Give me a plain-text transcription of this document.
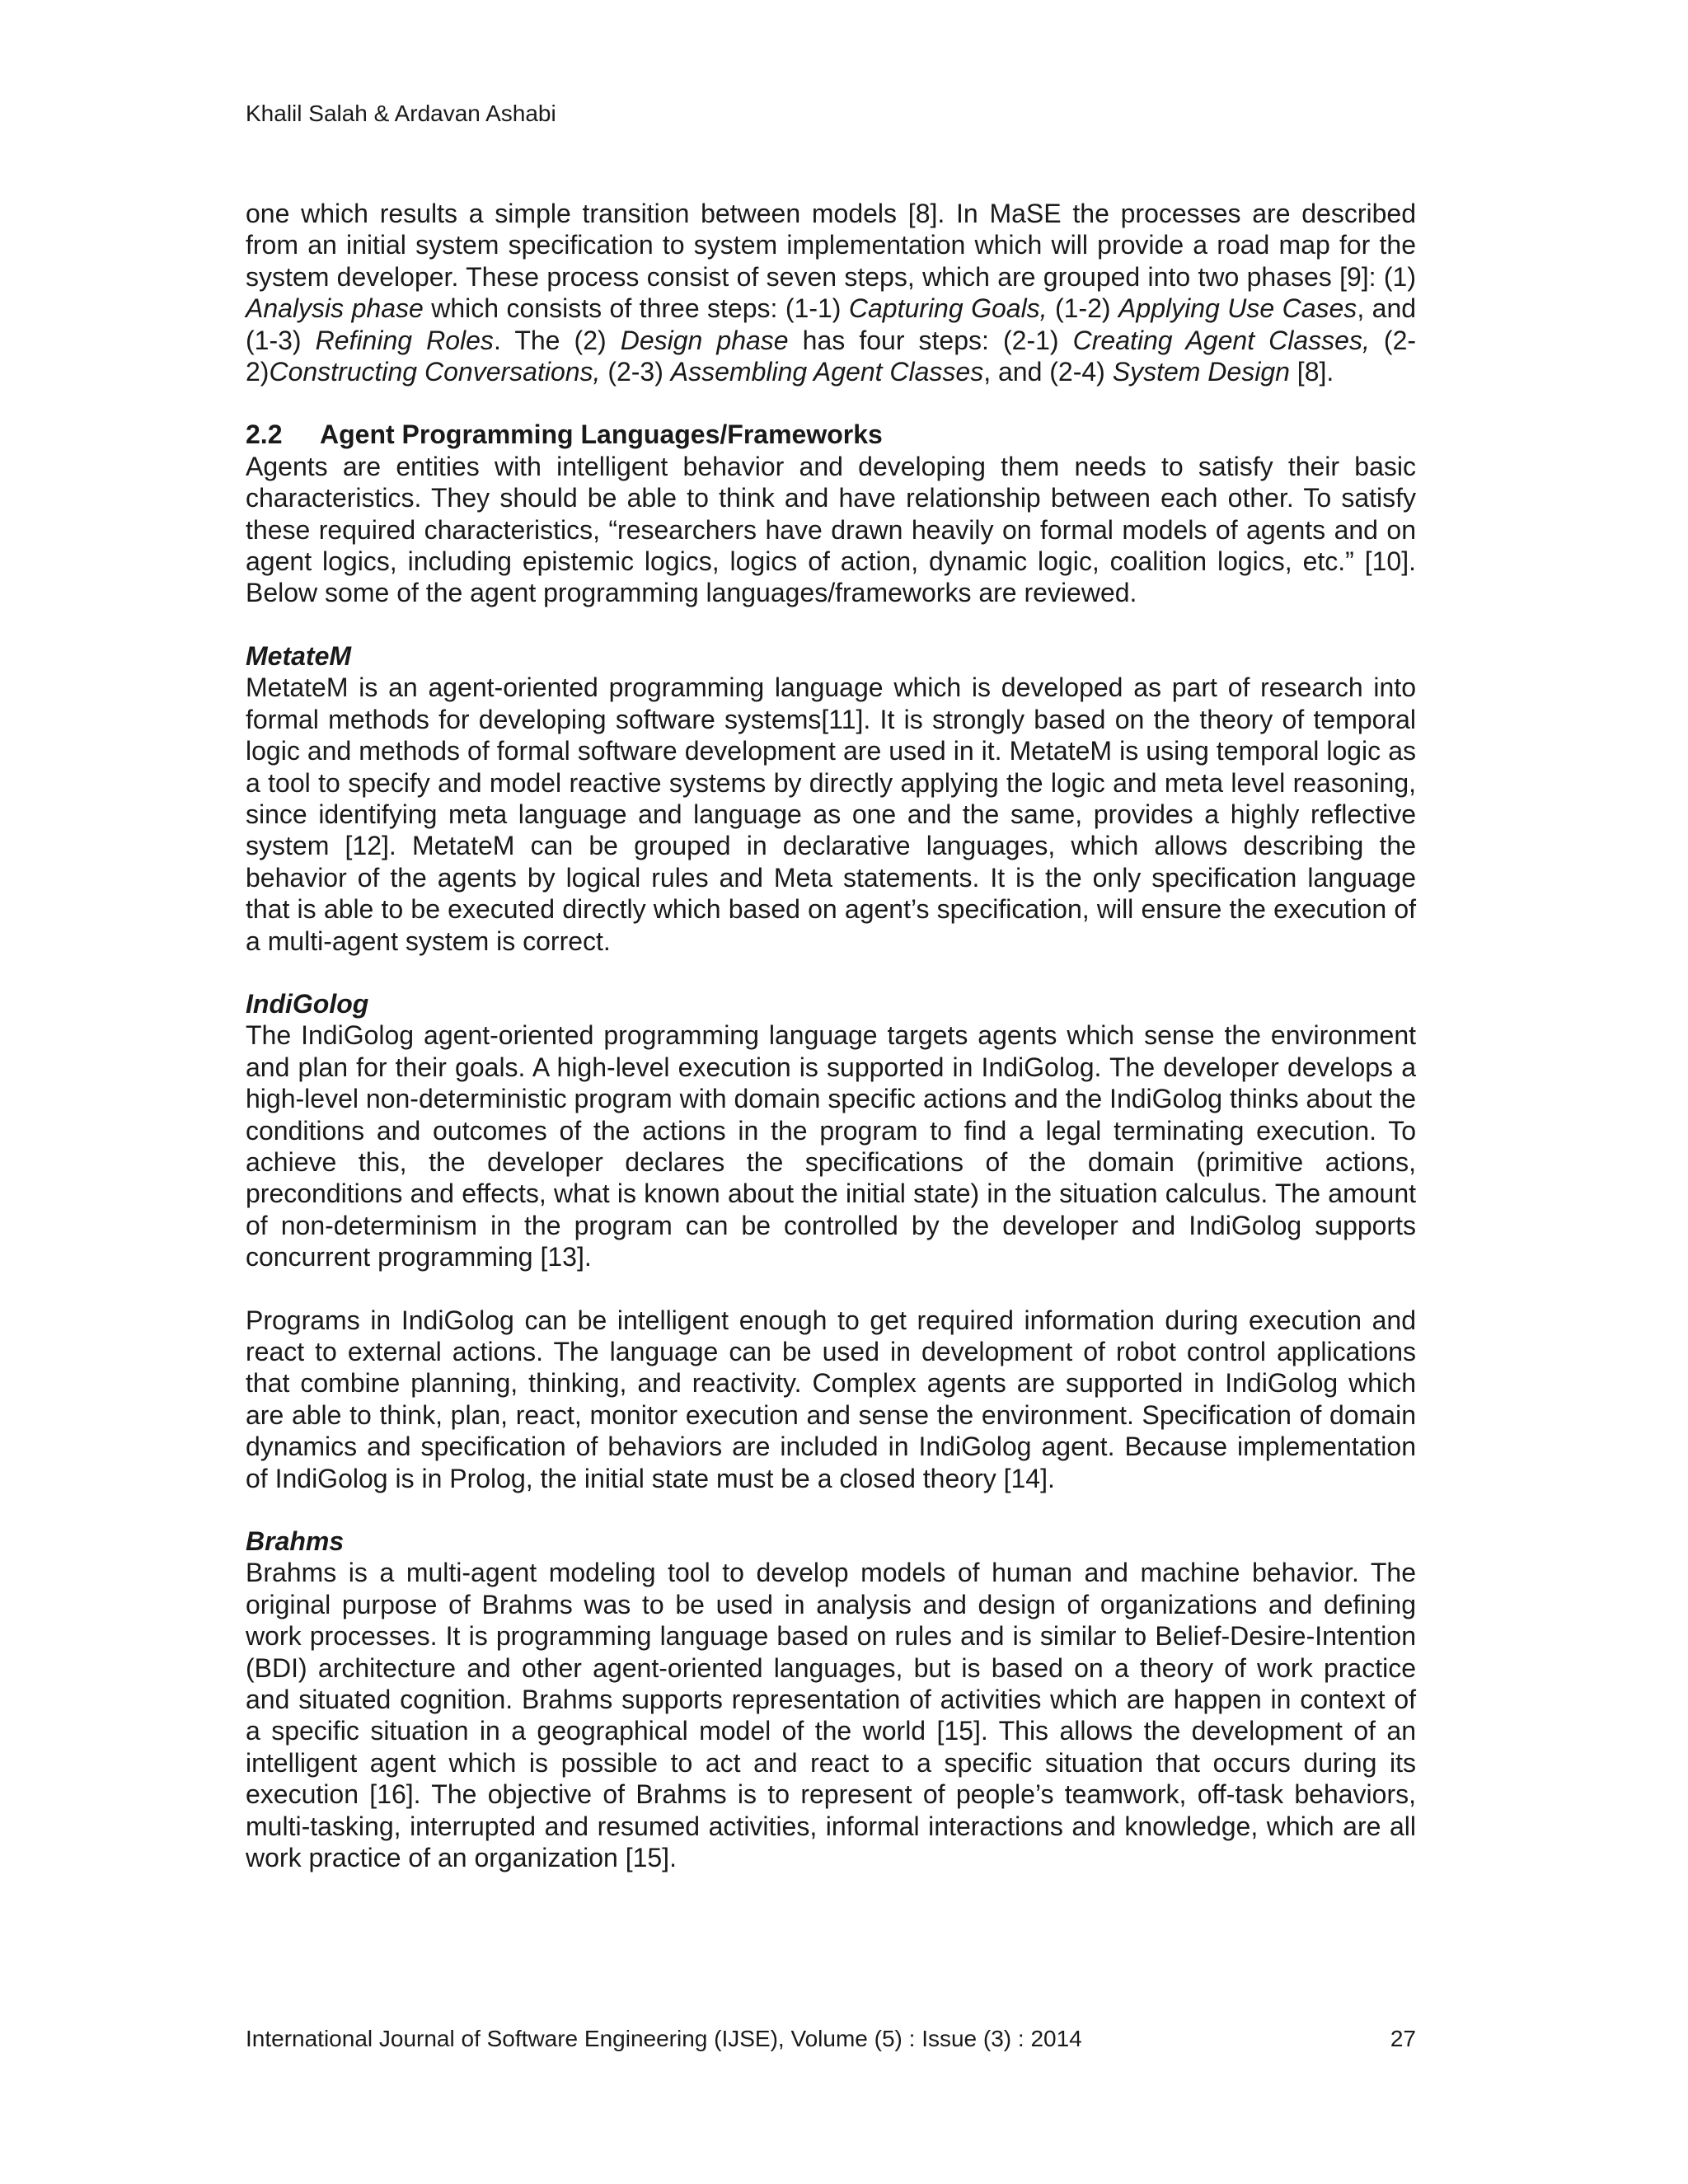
Khalil Salah & Ardavan Ashabi

one which results a simple transition between models [8]. In MaSE the processes are described from an initial system specification to system implementation which will provide a road map for the system developer. These process consist of seven steps, which are grouped into two phases [9]: (1) Analysis phase which consists of three steps: (1-1) Capturing Goals, (1-2) Applying Use Cases, and (1-3) Refining Roles. The (2) Design phase has four steps: (2-1) Creating Agent Classes, (2-2)Constructing Conversations, (2-3) Assembling Agent Classes, and (2-4) System Design [8].

2.2 Agent Programming Languages/Frameworks

Agents are entities with intelligent behavior and developing them needs to satisfy their basic characteristics. They should be able to think and have relationship between each other. To satisfy these required characteristics, “researchers have drawn heavily on formal models of agents and on agent logics, including epistemic logics, logics of action, dynamic logic, coalition logics, etc.” [10]. Below some of the agent programming languages/frameworks are reviewed.

MetateM

MetateM is an agent-oriented programming language which is developed as part of research into formal methods for developing software systems[11]. It is strongly based on the theory of temporal logic and methods of formal software development are used in it. MetateM is using temporal logic as a tool to specify and model reactive systems by directly applying the logic and meta level reasoning, since identifying meta language and language as one and the same, provides a highly reflective system [12]. MetateM can be grouped in declarative languages, which allows describing the behavior of the agents by logical rules and Meta statements. It is the only specification language that is able to be executed directly which based on agent’s specification, will ensure the execution of a multi-agent system is correct.

IndiGolog

The IndiGolog agent-oriented programming language targets agents which sense the environment and plan for their goals. A high-level execution is supported in IndiGolog. The developer develops a high-level non-deterministic program with domain specific actions and the IndiGolog thinks about the conditions and outcomes of the actions in the program to find a legal terminating execution. To achieve this, the developer declares the specifications of the domain (primitive actions, preconditions and effects, what is known about the initial state) in the situation calculus. The amount of non-determinism in the program can be controlled by the developer and IndiGolog supports concurrent programming [13].

Programs in IndiGolog can be intelligent enough to get required information during execution and react to external actions. The language can be used in development of robot control applications that combine planning, thinking, and reactivity. Complex agents are supported in IndiGolog which are able to think, plan, react, monitor execution and sense the environment. Specification of domain dynamics and specification of behaviors are included in IndiGolog agent. Because implementation of IndiGolog is in Prolog, the initial state must be a closed theory [14].

Brahms

Brahms is a multi-agent modeling tool to develop models of human and machine behavior. The original purpose of Brahms was to be used in analysis and design of organizations and defining work processes. It is programming language based on rules and is similar to Belief-Desire-Intention (BDI) architecture and other agent-oriented languages, but is based on a theory of work practice and situated cognition. Brahms supports representation of activities which are happen in context of a specific situation in a geographical model of the world [15]. This allows the development of an intelligent agent which is possible to act and react to a specific situation that occurs during its execution [16]. The objective of Brahms is to represent of people’s teamwork, off-task behaviors, multi-tasking, interrupted and resumed activities, informal interactions and knowledge, which are all work practice of an organization [15].

International Journal of Software Engineering (IJSE), Volume (5) : Issue (3) : 2014	27
